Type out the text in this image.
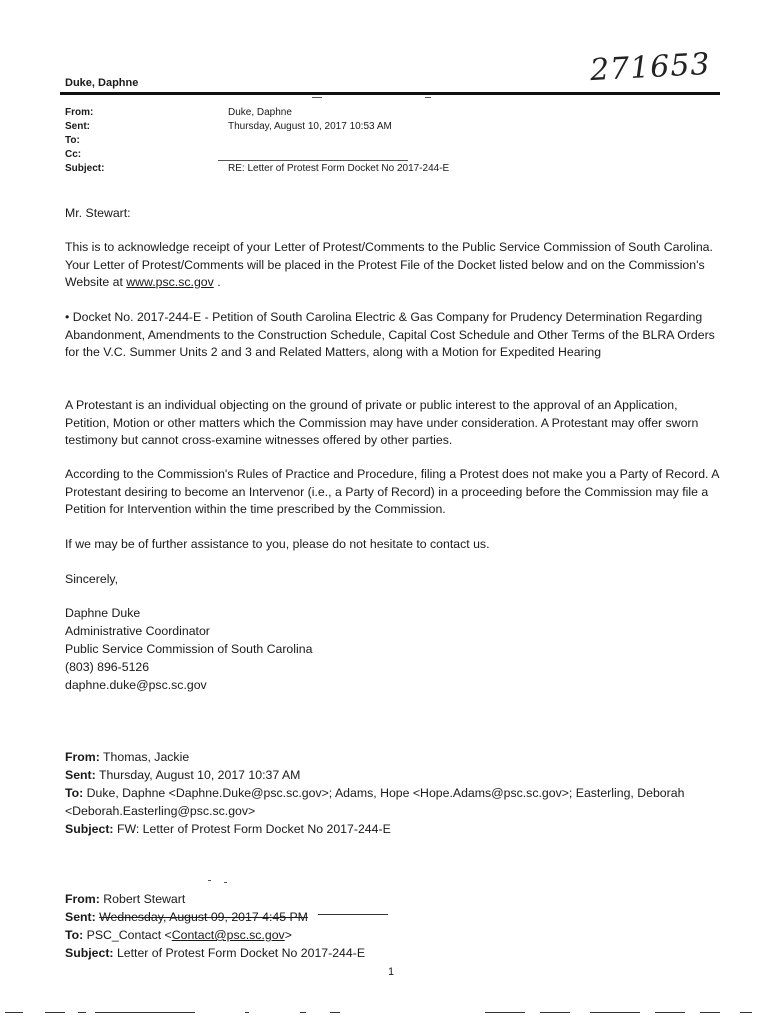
271653
Duke, Daphne
From:	Duke, Daphne
Sent:	Thursday, August 10, 2017 10:53 AM
To:
Cc:
Subject:	RE: Letter of Protest Form Docket No 2017-244-E
Mr. Stewart:

This is to acknowledge receipt of your Letter of Protest/Comments to the Public Service Commission of South Carolina. Your Letter of Protest/Comments will be placed in the Protest File of the Docket listed below and on the Commission's Website at www.psc.sc.gov .

• Docket No. 2017-244-E - Petition of South Carolina Electric & Gas Company for Prudency Determination Regarding Abandonment, Amendments to the Construction Schedule, Capital Cost Schedule and Other Terms of the BLRA Orders for the V.C. Summer Units 2 and 3 and Related Matters, along with a Motion for Expedited Hearing
A Protestant is an individual objecting on the ground of private or public interest to the approval of an Application, Petition, Motion or other matters which the Commission may have under consideration. A Protestant may offer sworn testimony but cannot cross-examine witnesses offered by other parties.
According to the Commission's Rules of Practice and Procedure, filing a Protest does not make you a Party of Record. A Protestant desiring to become an Intervenor (i.e., a Party of Record) in a proceeding before the Commission may file a Petition for Intervention within the time prescribed by the Commission.
If we may be of further assistance to you, please do not hesitate to contact us.
Sincerely,
Daphne Duke
Administrative Coordinator
Public Service Commission of South Carolina
(803) 896-5126
daphne.duke@psc.sc.gov
From: Thomas, Jackie
Sent: Thursday, August 10, 2017 10:37 AM
To: Duke, Daphne <Daphne.Duke@psc.sc.gov>; Adams, Hope <Hope.Adams@psc.sc.gov>; Easterling, Deborah <Deborah.Easterling@psc.sc.gov>
Subject: FW: Letter of Protest Form Docket No 2017-244-E
From: Robert Stewart
Sent: Wednesday, August 09, 2017 4:45 PM
To: PSC_Contact <Contact@psc.sc.gov>
Subject: Letter of Protest Form Docket No 2017-244-E
1
